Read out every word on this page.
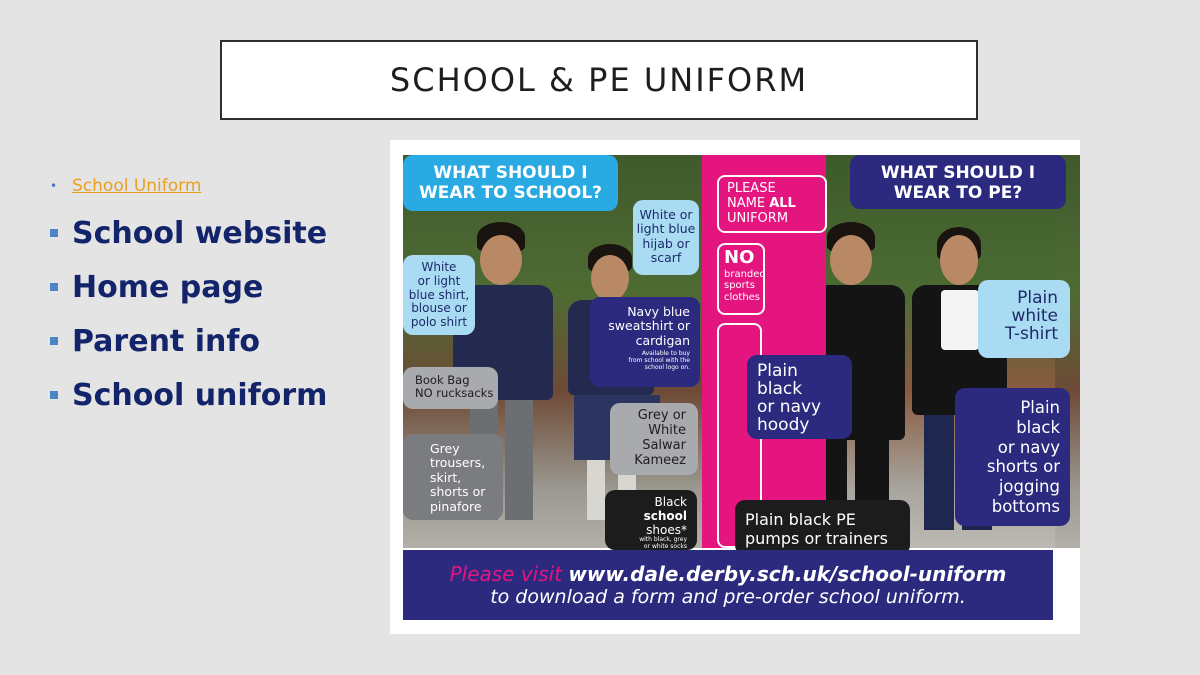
SCHOOL & PE UNIFORM
• School Uniform
School website
Home page
Parent info
School uniform
WHAT SHOULD I
WEAR TO SCHOOL?
WHAT SHOULD I
WEAR TO PE?
PLEASE
NAME ALL
UNIFORM
NO
branded
sports
clothes
White
or light
blue shirt,
blouse or
polo shirt
White or
light blue
hijab or
scarf
Navy blue
sweatshirt or
cardigan
Available to buy
from school with the
school logo on.
Book Bag
NO rucksacks
Grey
trousers,
skirt,
shorts or
pinafore
Grey or
White
Salwar
Kameez
Black
school
shoes*
with black, grey
or white socks
Plain
black
or navy
hoody
Plain
white
T-shirt
Plain
black
or navy
shorts or
jogging
bottoms
Plain black PE
pumps or trainers
Please visit www.dale.derby.sch.uk/school-uniform
to download a form and pre-order school uniform.
